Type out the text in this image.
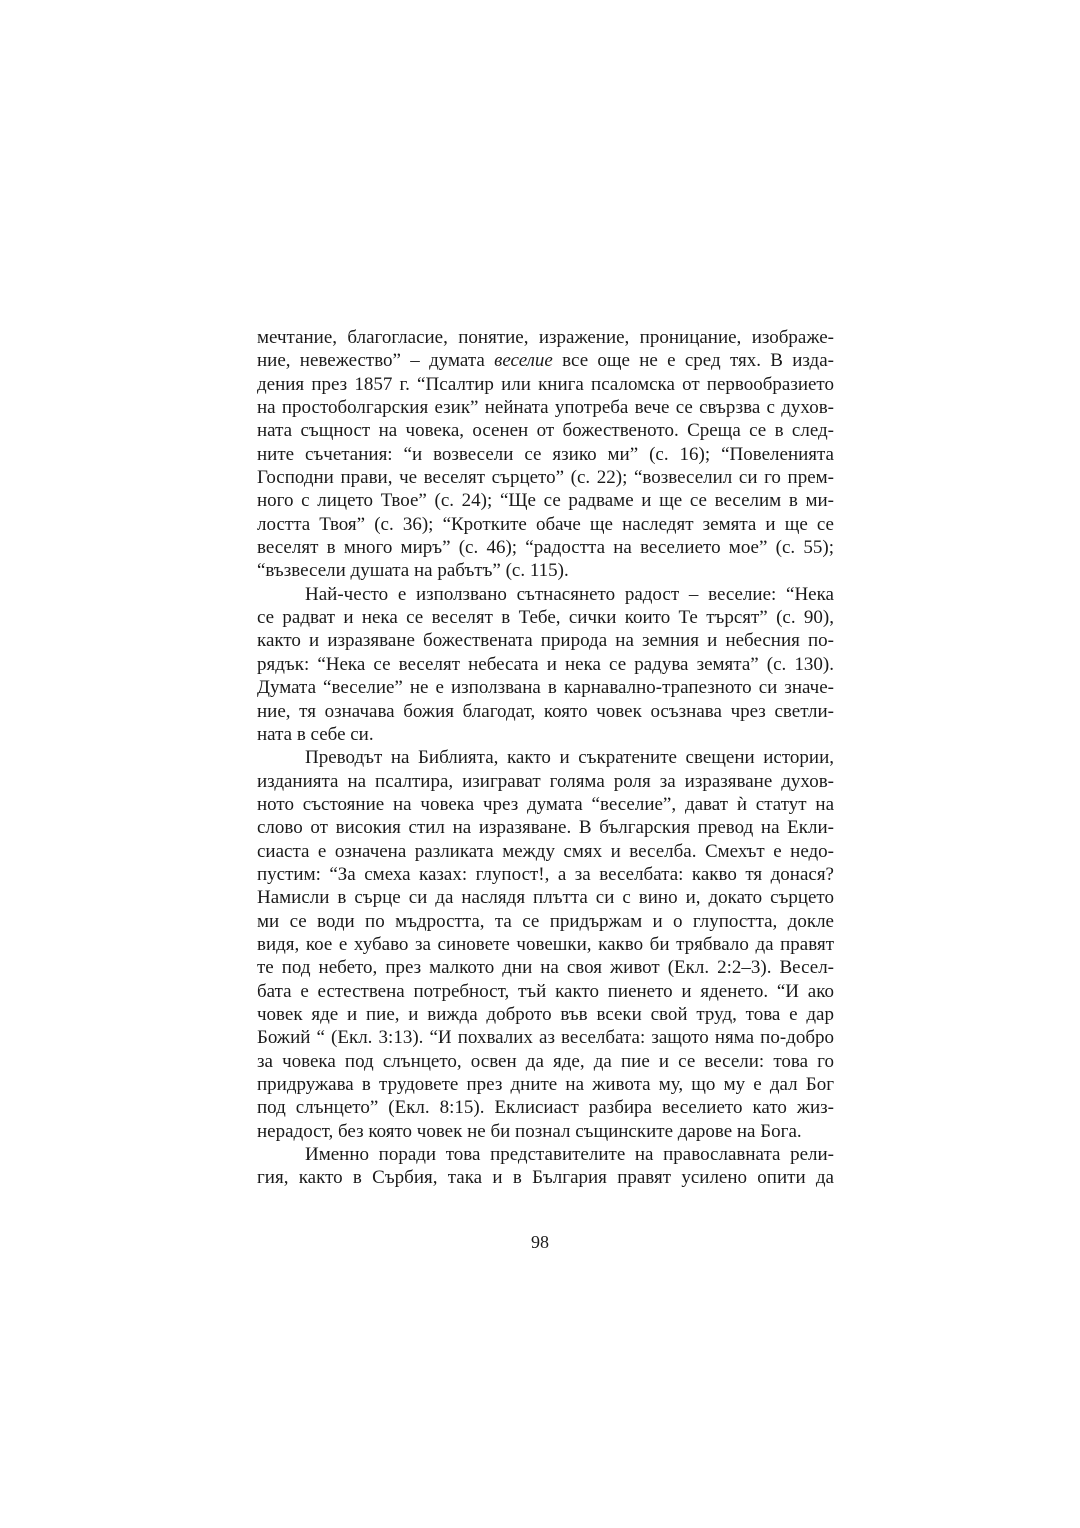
мечтание, благогласие, понятие, изражение, проницание, изображе-
ние, невежество” – думата веселие все още не е сред тях. В изда-
дения през 1857 г. “Псалтир или книга псаломска от первообразието
на простоболгарския език” нейната употреба вече се свързва с духов-
ната същност на човека, осенен от божественото. Среща се в след-
ните съчетания: “и возвесели се язико ми” (с. 16); “Повеленията
Господни прави, че веселят сърцето” (с. 22); “возвеселил си го прем-
ного с лицето Твое” (с. 24); “Ще се радваме и ще се веселим в ми-
лостта Твоя” (с. 36); “Кротките обаче ще наследят земята и ще се
веселят в много миръ” (с. 46); “радостта на веселието мое” (с. 55);
“възвесели душата на рабътъ” (с. 115).

Най-често е използвано сътнасянето радост – веселие: “Нека
се радват и нека се веселят в Тебе, сички които Те търсят” (с. 90),
както и изразяване божествената природа на земния и небесния по-
рядък: “Нека се веселят небесата и нека се радува земята” (с. 130).
Думата “веселие” не е използвана в карнавално-трапезното си значе-
ние, тя означава божия благодат, която човек осъзнава чрез светли-
ната в себе си.

Преводът на Библията, както и съкратените свещени истории,
изданията на псалтира, изиграват голяма роля за изразяване духов-
ното състояние на човека чрез думата “веселие”, дават ѝ статут на
слово от високия стил на изразяване. В българския превод на Екли-
сиаста е означена разликата между смях и веселба. Смехът е недо-
пустим: “За смеха казах: глупост!, а за веселбата: какво тя донася?
Намисли в сърце си да наслядя плътта си с вино и, докато сърцето
ми се води по мъдростта, та се придържам и о глупостта, докле
видя, кое е хубаво за синовете човешки, какво би трябвало да правят
те под небето, през малкото дни на своя живот (Екл. 2:2–3). Весел-
бата е естествена потребност, тъй както пиенето и яденето. “И ако
човек яде и пие, и вижда доброто във всеки свой труд, това е дар
Божий “ (Екл. 3:13). “И похвалих аз веселбата: защото няма по-добро
за човека под слънцето, освен да яде, да пие и се весели: това го
придружава в трудовете през дните на живота му, що му е дал Бог
под слънцето” (Екл. 8:15). Еклисиаст разбира веселието като жиз-
нерадост, без която човек не би познал същинските дарове на Бога.

Именно поради това представителите на православната рели-
гия, както в Сърбия, така и в България правят усилено опити да

98
